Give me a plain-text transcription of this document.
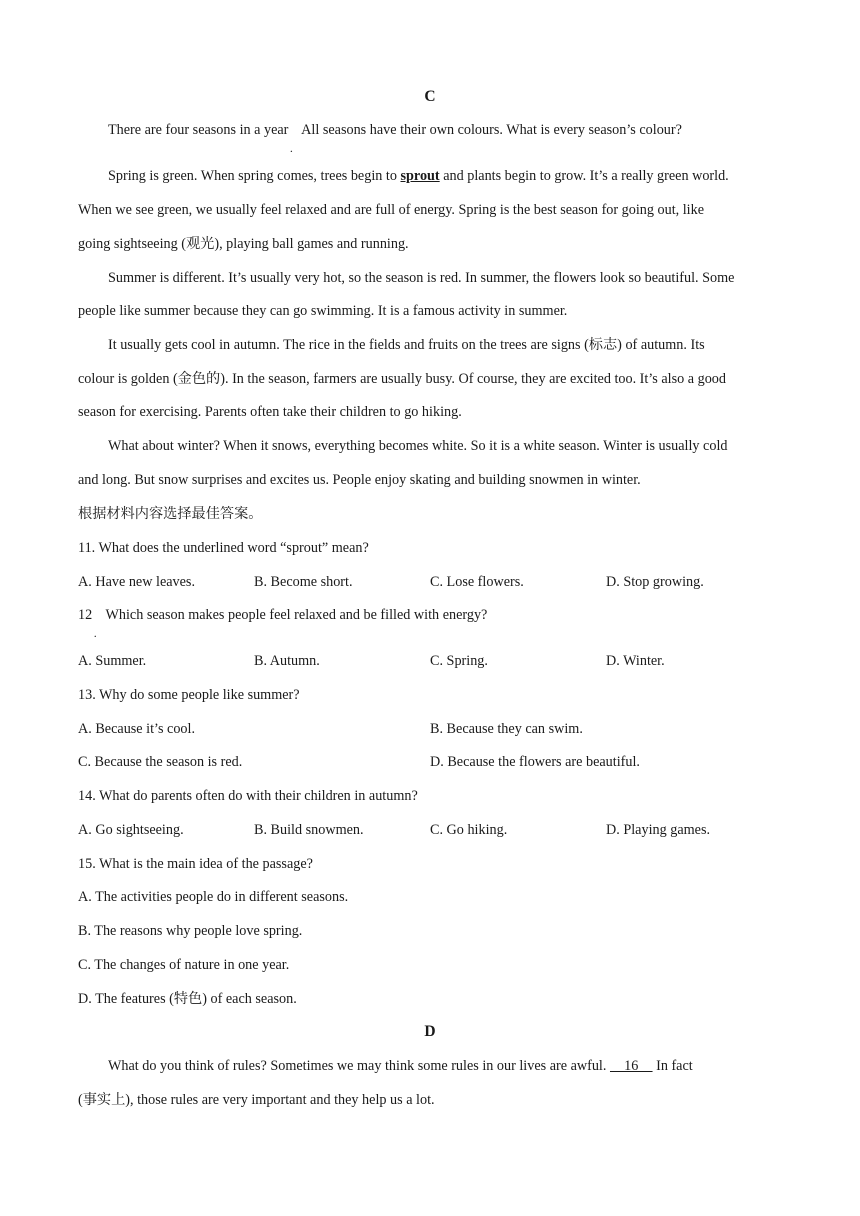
C
There are four seasons in a year All seasons have their own colours. What is every season’s colour?
Spring is green. When spring comes, trees begin to sprout and plants begin to grow. It’s a really green world.
When we see green, we usually feel relaxed and are full of energy. Spring is the best season for going out, like
going sightseeing (观光), playing ball games and running.
Summer is different. It’s usually very hot, so the season is red. In summer, the flowers look so beautiful. Some
people like summer because they can go swimming. It is a famous activity in summer.
It usually gets cool in autumn. The rice in the fields and fruits on the trees are signs (标志) of autumn. Its
colour is golden (金色的). In the season, farmers are usually busy. Of course, they are excited too. It’s also a good
season for exercising. Parents often take their children to go hiking.
What about winter? When it snows, everything becomes white. So it is a white season. Winter is usually cold
and long. But snow surprises and excites us. People enjoy skating and building snowmen in winter.
根据材料内容选择最佳答案。
11. What does the underlined word “sprout” mean?
A. Have new leaves.	B. Become short.	C. Lose flowers.	D. Stop growing.
12 Which season makes people feel relaxed and be filled with energy?
A. Summer.	B. Autumn.	C. Spring.	D. Winter.
13. Why do some people like summer?
A. Because it’s cool.	B. Because they can swim.
C. Because the season is red.	D. Because the flowers are beautiful.
14. What do parents often do with their children in autumn?
A. Go sightseeing.	B. Build snowmen.	C. Go hiking.	D. Playing games.
15. What is the main idea of the passage?
A. The activities people do in different seasons.
B. The reasons why people love spring.
C. The changes of nature in one year.
D. The features (特色) of each season.
D
What do you think of rules? Sometimes we may think some rules in our lives are awful.     16     In fact
(事实上), those rules are very important and they help us a lot.
